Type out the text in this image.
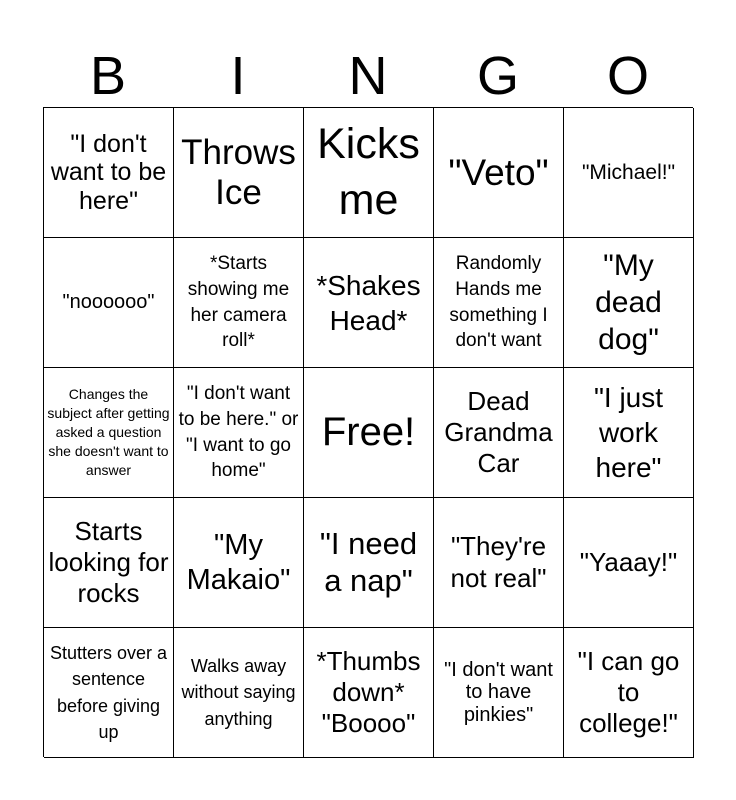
B	I	N	G	O
"I don't want to be here"
Throws Ice
Kicks me
"Veto" "Michael!"
"noooooo"
*Starts showing me her camera roll*
*Shakes Head*
Randomly Hands me something I don't want
"My dead dog"
Changes the subject after getting asked a question she doesn't want to answer
"I don't want to be here." or "I want to go home"
Free!
Dead Grandma Car
"I just work here"
Starts looking for rocks
"My Makaio"
"I need a nap"
"They're not real"
"Yaaay!"
Stutters over a sentence before giving up
Walks away without saying anything
*Thumbs down* "Boooo"
"I don't want to have pinkies"
"I can go to college!"
